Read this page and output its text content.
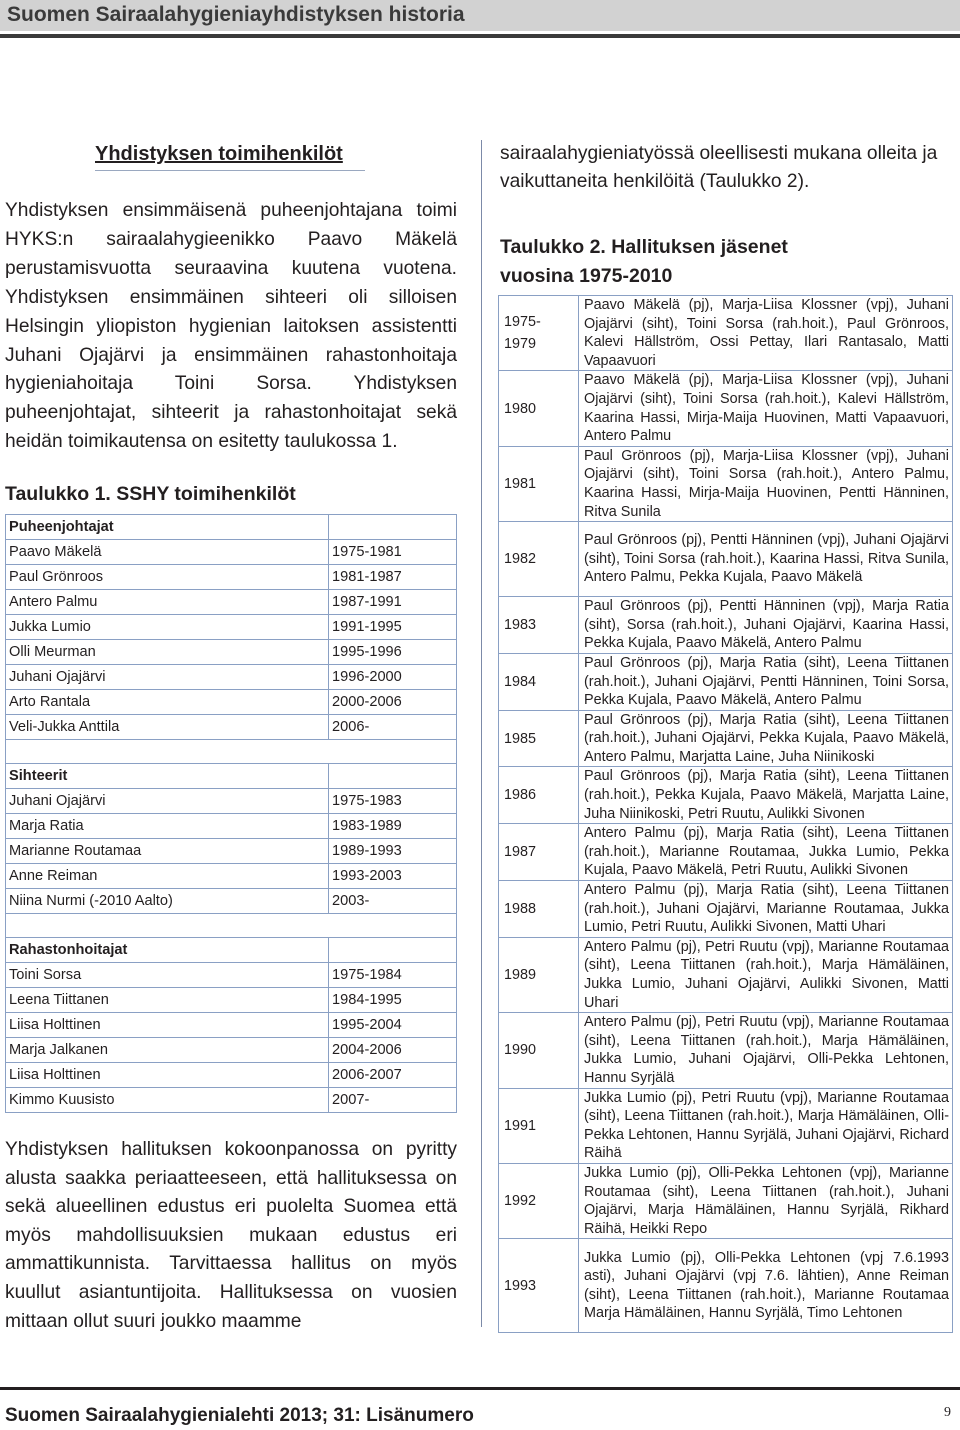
Suomen Sairaalahygieniayhdistyksen historia
Yhdistyksen toimihenkilöt

Yhdistyksen ensimmäisenä puheenjohtajana toimi HYKS:n sairaalahygieenikko Paavo Mäkelä perustamisvuotta seuraavina kuutena vuotena. Yhdistyksen ensimmäinen sihteeri oli silloisen Helsingin yliopiston hygienian laitoksen assistentti Juhani Ojajärvi ja ensimmäinen rahastonhoitaja hygieniahoitaja Toini Sorsa. Yhdistyksen puheenjohtajat, sihteerit ja rahastonhoitajat sekä heidän toimikautensa on esitetty taulukossa 1.

Taulukko 1. SSHY toimihenkilöt

Puheenjohtajat	
Paavo Mäkelä	1975-1981
Paul Grönroos	1981-1987
Antero Palmu	1987-1991
Jukka Lumio	1991-1995
Olli Meurman	1995-1996
Juhani Ojajärvi	1996-2000
Arto Rantala	2000-2006
Veli-Jukka Anttila	2006-

Sihteerit	
Juhani Ojajärvi	1975-1983
Marja Ratia	1983-1989
Marianne Routamaa	1989-1993
Anne Reiman	1993-2003
Niina Nurmi (-2010 Aalto)	2003-

Rahastonhoitajat	
Toini Sorsa	1975-1984
Leena Tiittanen	1984-1995
Liisa Holttinen	1995-2004
Marja Jalkanen	2004-2006
Liisa Holttinen	2006-2007
Kimmo Kuusisto	2007-

Yhdistyksen hallituksen kokoonpanossa on pyritty alusta saakka periaatteeseen, että hallituksessa on sekä alueellinen edustus eri puolelta Suomea että myös mahdollisuuksien mukaan edustus eri ammattikunnista. Tarvittaessa hallitus on myös kuullut asiantuntijoita. Hallituksessa on vuosien mittaan ollut suuri joukko maamme

sairaalahygieniatyössä oleellisesti mukana olleita ja vaikuttaneita henkilöitä (Taulukko 2).

Taulukko 2. Hallituksen jäsenet
vuosina 1975-2010

1975-
1979	Paavo Mäkelä (pj), Marja-Liisa Klossner (vpj), Juhani Ojajärvi (siht), Toini Sorsa (rah.hoit.), Paul Grönroos, Kalevi Hällström, Ossi Pettay, Ilari Rantasalo, Matti Vapaavuori
1980	Paavo Mäkelä (pj), Marja-Liisa Klossner (vpj), Juhani Ojajärvi (siht), Toini Sorsa (rah.hoit.), Kalevi Hällström, Kaarina Hassi, Mirja-Maija Huovinen, Matti Vapaavuori, Antero Palmu
1981	Paul Grönroos (pj), Marja-Liisa Klossner (vpj), Juhani Ojajärvi (siht), Toini Sorsa (rah.hoit.), Antero Palmu, Kaarina Hassi, Mirja-Maija Huovinen, Pentti Hänninen, Ritva Sunila
1982	Paul Grönroos (pj), Pentti Hänninen (vpj), Juhani Ojajärvi (siht), Toini Sorsa (rah.hoit.), Kaarina Hassi, Ritva Sunila, Antero Palmu, Pekka Kujala, Paavo Mäkelä
1983	Paul Grönroos (pj), Pentti Hänninen (vpj), Marja Ratia (siht), Sorsa (rah.hoit.), Juhani Ojajärvi, Kaarina Hassi, Pekka Kujala, Paavo Mäkelä, Antero Palmu
1984	Paul Grönroos (pj), Marja Ratia (siht), Leena Tiittanen (rah.hoit.), Juhani Ojajärvi, Pentti Hänninen, Toini Sorsa, Pekka Kujala, Paavo Mäkelä, Antero Palmu
1985	Paul Grönroos (pj), Marja Ratia (siht), Leena Tiittanen (rah.hoit.), Juhani Ojajärvi, Pekka Kujala, Paavo Mäkelä, Antero Palmu, Marjatta Laine, Juha Niinikoski
1986	Paul Grönroos (pj), Marja Ratia (siht), Leena Tiittanen (rah.hoit.), Pekka Kujala, Paavo Mäkelä, Marjatta Laine, Juha Niinikoski, Petri Ruutu, Aulikki Sivonen
1987	Antero Palmu (pj), Marja Ratia (siht), Leena Tiittanen (rah.hoit.), Marianne Routamaa, Jukka Lumio, Pekka Kujala, Paavo Mäkelä, Petri Ruutu, Aulikki Sivonen
1988	Antero Palmu (pj), Marja Ratia (siht), Leena Tiittanen (rah.hoit.), Juhani Ojajärvi, Marianne Routamaa, Jukka Lumio, Petri Ruutu, Aulikki Sivonen, Matti Uhari
1989	Antero Palmu (pj), Petri Ruutu (vpj), Marianne Routamaa (siht), Leena Tiittanen (rah.hoit.), Marja Hämäläinen, Jukka Lumio, Juhani Ojajärvi, Aulikki Sivonen, Matti Uhari
1990	Antero Palmu (pj), Petri Ruutu (vpj), Marianne Routamaa (siht), Leena Tiittanen (rah.hoit.), Marja Hämäläinen, Jukka Lumio, Juhani Ojajärvi, Olli-Pekka Lehtonen, Hannu Syrjälä
1991	Jukka Lumio (pj), Petri Ruutu (vpj), Marianne Routamaa (siht), Leena Tiittanen (rah.hoit.), Marja Hämäläinen, Olli-Pekka Lehtonen, Hannu Syrjälä, Juhani Ojajärvi, Richard Räihä
1992	Jukka Lumio (pj), Olli-Pekka Lehtonen (vpj), Marianne Routamaa (siht), Leena Tiittanen (rah.hoit.), Juhani Ojajärvi, Marja Hämäläinen, Hannu Syrjälä, Rikhard Räihä, Heikki Repo
1993	Jukka Lumio (pj), Olli-Pekka Lehtonen (vpj 7.6.1993 asti), Juhani Ojajärvi (vpj 7.6. lähtien), Anne Reiman (siht), Leena Tiittanen (rah.hoit.), Marianne Routamaa Marja Hämäläinen, Hannu Syrjälä, Timo Lehtonen
Suomen Sairaalahygienialehti 2013; 31: Lisänumero	9
